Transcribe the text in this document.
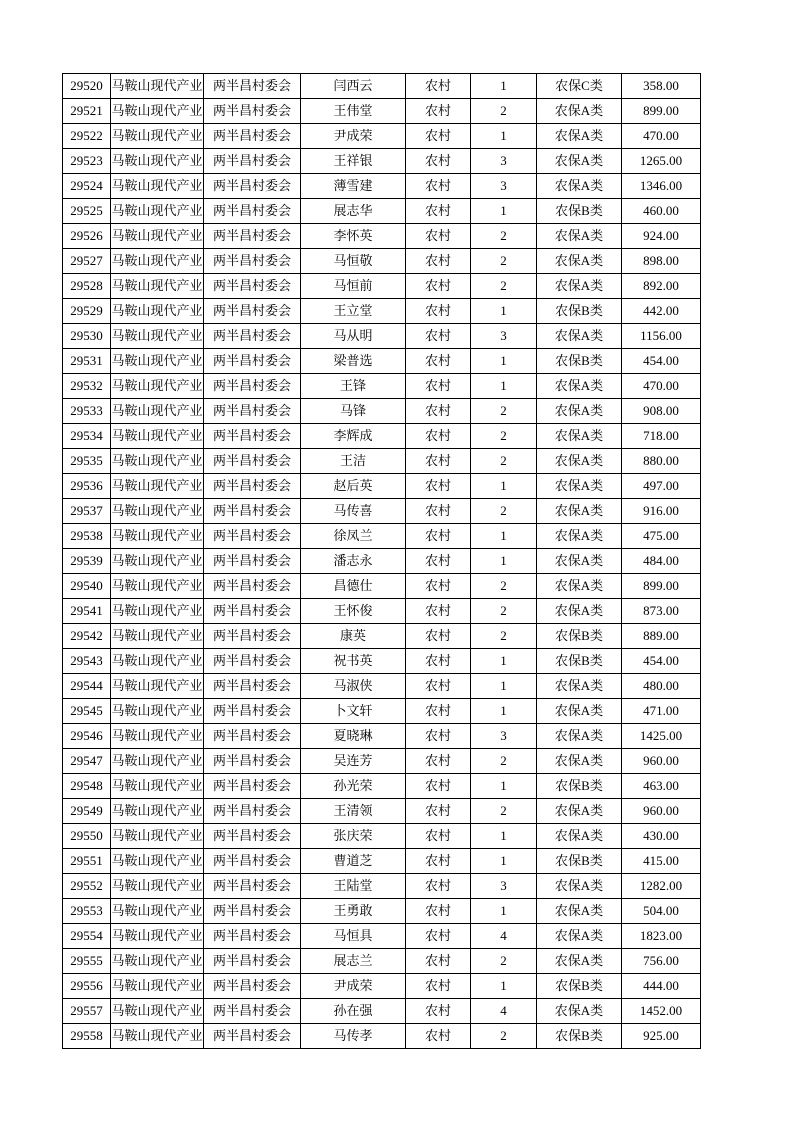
29520	马鞍山现代产业	两半昌村委会	闫西云	农村	1	农保C类	358.00
29521	马鞍山现代产业	两半昌村委会	王伟堂	农村	2	农保A类	899.00
29522	马鞍山现代产业	两半昌村委会	尹成荣	农村	1	农保A类	470.00
29523	马鞍山现代产业	两半昌村委会	王祥银	农村	3	农保A类	1265.00
29524	马鞍山现代产业	两半昌村委会	薄雪建	农村	3	农保A类	1346.00
29525	马鞍山现代产业	两半昌村委会	展志华	农村	1	农保B类	460.00
29526	马鞍山现代产业	两半昌村委会	李怀英	农村	2	农保A类	924.00
29527	马鞍山现代产业	两半昌村委会	马恒敬	农村	2	农保A类	898.00
29528	马鞍山现代产业	两半昌村委会	马恒前	农村	2	农保A类	892.00
29529	马鞍山现代产业	两半昌村委会	王立堂	农村	1	农保B类	442.00
29530	马鞍山现代产业	两半昌村委会	马从明	农村	3	农保A类	1156.00
29531	马鞍山现代产业	两半昌村委会	梁普选	农村	1	农保B类	454.00
29532	马鞍山现代产业	两半昌村委会	王锋	农村	1	农保A类	470.00
29533	马鞍山现代产业	两半昌村委会	马锋	农村	2	农保A类	908.00
29534	马鞍山现代产业	两半昌村委会	李辉成	农村	2	农保A类	718.00
29535	马鞍山现代产业	两半昌村委会	王洁	农村	2	农保A类	880.00
29536	马鞍山现代产业	两半昌村委会	赵后英	农村	1	农保A类	497.00
29537	马鞍山现代产业	两半昌村委会	马传喜	农村	2	农保A类	916.00
29538	马鞍山现代产业	两半昌村委会	徐凤兰	农村	1	农保A类	475.00
29539	马鞍山现代产业	两半昌村委会	潘志永	农村	1	农保A类	484.00
29540	马鞍山现代产业	两半昌村委会	昌德仕	农村	2	农保A类	899.00
29541	马鞍山现代产业	两半昌村委会	王怀俊	农村	2	农保A类	873.00
29542	马鞍山现代产业	两半昌村委会	康英	农村	2	农保B类	889.00
29543	马鞍山现代产业	两半昌村委会	祝书英	农村	1	农保B类	454.00
29544	马鞍山现代产业	两半昌村委会	马淑侠	农村	1	农保A类	480.00
29545	马鞍山现代产业	两半昌村委会	卜文轩	农村	1	农保A类	471.00
29546	马鞍山现代产业	两半昌村委会	夏晓琳	农村	3	农保A类	1425.00
29547	马鞍山现代产业	两半昌村委会	吴连芳	农村	2	农保A类	960.00
29548	马鞍山现代产业	两半昌村委会	孙光荣	农村	1	农保B类	463.00
29549	马鞍山现代产业	两半昌村委会	王清领	农村	2	农保A类	960.00
29550	马鞍山现代产业	两半昌村委会	张庆荣	农村	1	农保A类	430.00
29551	马鞍山现代产业	两半昌村委会	曹道芝	农村	1	农保B类	415.00
29552	马鞍山现代产业	两半昌村委会	王陆堂	农村	3	农保A类	1282.00
29553	马鞍山现代产业	两半昌村委会	王勇敢	农村	1	农保A类	504.00
29554	马鞍山现代产业	两半昌村委会	马恒具	农村	4	农保A类	1823.00
29555	马鞍山现代产业	两半昌村委会	展志兰	农村	2	农保A类	756.00
29556	马鞍山现代产业	两半昌村委会	尹成荣	农村	1	农保B类	444.00
29557	马鞍山现代产业	两半昌村委会	孙在强	农村	4	农保A类	1452.00
29558	马鞍山现代产业	两半昌村委会	马传孝	农村	2	农保B类	925.00
